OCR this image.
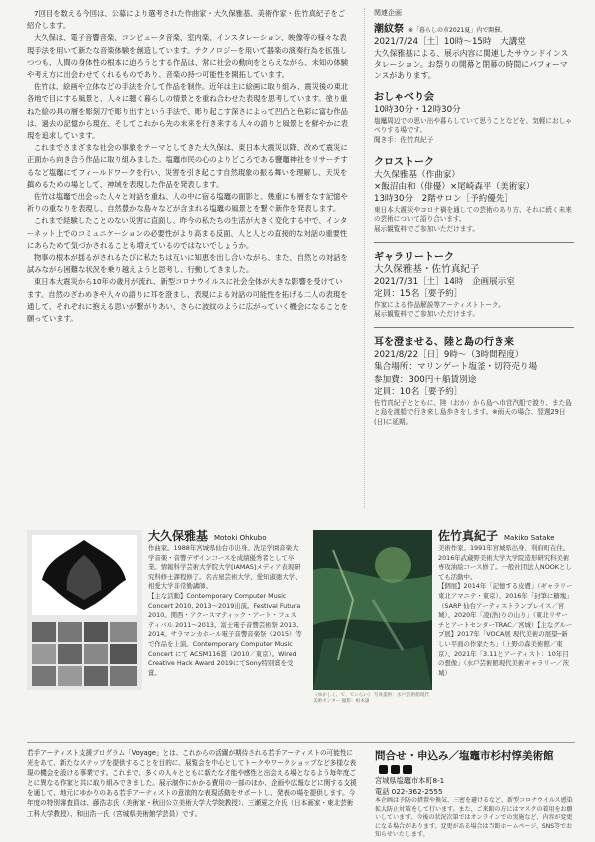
7回目を数える今回は、公募により選考された作曲家・大久保雅基、美術作家・佐竹真紀子をご紹介します。

大久保は、電子音響音楽、コンピュータ音楽、室内楽、インスタレーション、映像等の様々な表現手法を用いて新たな音楽体験を創造しています。テクノロジーを用いて器楽の演奏行為を拡張しつつも、人間の身体性の根本に迫ろうとする作品は、常に社会の動向をとらえながら、未知の体験や考え方に出会わせてくれるものであり、音楽の持つ可能性を開拓しています。

佐竹は、絵画や立体などの手法を介して作品を制作。近年は主に絵画に取り組み、震災後の東北各地で目にする風景と、人々に聴く暮らしの情景とを重ね合わせた表現を思考しています。塗り重ねた絵の具の層を彫刻刀で彫り出すという手法で、彫り起こす深さによって凹凸と色彩に富む作品は、過去の記憶から現在、そしてこれから先の未来を行き来する人々の語りと風景とを鮮やかに表現を追求しています。

これまでさまざまな社会の事象をテーマとしてきた大久保は、東日本大震災以降、改めて震災に正面から向き合う作品に取り組みました。塩竈市民の心のよりどころである鹽竈神社をリサーチするなど塩竈にてフィールドワークを行い、災害を引き起こす自然現象の振る舞いを理解し、天災を鎮めるための場として、神域を表現した作品を発表します。

佐竹は塩竈で出会った人々と対話を重ね、人の中に宿る塩竈の面影と、幾重にも層をなす記憶や祈りの重なりを表現し、自然豊かな島々などが含まれる塩竈の風景とを繋ぐ新作を発表します。

これまで経験したことのない災害に直面し、昨今の私たちの生活が大きく変化する中で、インターネット上でのコミュニケーションの必要性がより高まる反面、人と人との直接的な対話の重要性にあらためて気づかされることも増えているのではないでしょうか。

物事の根本が揺るがされるたびに私たちは互いに知恵を出し合いながら、また、自然との対話を試みながら困難な状況を乗り越えようと思考し、行動してきました。

東日本大震災から10年の歳月が流れ、新型コロナウイルスに社会全体が大きな影響を受けています。自然のざわめきや人々の語りに耳を澄まし、表現による対話の可能性を拓げる二人の表現を通して、それぞれに抱える思いが繋がりあい、さらに波紋のように広がっていく機会になることを願っています。

関連企画
潮紋祭 ※「暮らしの市2021夏」内で開催。
2021/7/24［土］10時～15時　大講堂
大久保雅基による、展示内容に関連したサウンドインスタレーション。お祭りの開幕と閉幕の時間にパフォーマンスがあります。
おしゃべり会
10時30分・12時30分
塩竈周辺での思い出や暮らしていて思うことなどを、気軽におしゃべりする場です。
聞き手：佐竹真紀子
クロストーク
大久保雅基（作曲家）
×飯沼由和（俳優）×尾崎森平（美術家）
13時30分　2階サロン［予約優先］
東日本大震災やコロナ禍を通しての芸術のあり方、それに続く未来の芸術について語り合います。
展示観覧料でご参加いただけます。
ギャラリートーク
大久保雅基・佐竹真紀子
2021/7/31［土］14時　企画展示室
定員：15名［要予約］
作家による作品解説等アーティストトーク。
展示観覧料でご参加いただけます。
耳を澄ませる、陸と島の行き来
2021/8/22［日］9時～（3時間程度）
集合場所：マリンゲート塩釜・切符売り場
参加費：300円＋船賃別途
定員：10名［要予約］
佐竹真紀子とともに、陸（おか）から島へ市営汽船で渡り、また島と島を渡船で行き来し島歩きをします。※雨天の場合、翌週29日(日)に延期。
大久保雅基 Motoki Ohkubo
作曲家。1988年宮城県仙台市出身。洗足学園音楽大学音楽・音響デザインコースを成績優秀者として卒業。情報科学芸術大学院大学[IAMAS]メディア表現研究科修士課程修了。名古屋芸術大学、愛知淑徳大学、相愛大学非常勤講師。
【主な活動】Contemporary Computer Music Concert 2010, 2013～2019出演。Festival Futura 2010。関西・アクースマティック・アート・フェスティバル 2011～2013。富士電子音響芸術祭 2013, 2014。サラマンカホール電子音響音楽祭（2015）等で作品を上演。Contemporary Computer Music Concert にて ACSM116賞（2010／東京）。Wired Creative Hack Award 2019にてSony特別賞を受賞。
《ゆかしく、て、てぃらい》 写真提供：水戸芸術館現代美術センター 撮影：根本譲
佐竹真紀子 Makiko Satake
美術作家。1991年宮城県出身、利府町在住。2016年武蔵野美術大学大学院造形研究科美術専攻油絵コース修了。一般社団法人NOOKとしても活動中。
【個展】2014年「記憶する皮膚」（ギャラリー東北アマニテ・東京）、2016年「封筆に糖塊」（SARP 仙台アーティストランプレイス／宮城）、2020年「凌(浩)りの山り」（東北リサーチとアートセンターTRAC／宮城）【主なグループ展】2017年「VOCA展 現代美術の展望─新しい平面の作家たち」（上野の森美術館／東京）、2021年「3.11とアーティスト：10年目の想像」（水戸芸術館現代美術ギャラリー／茨城）
若手アーティスト支援プログラム「Voyage」とは、これからの活躍が期待される若手アーティストの可能性に光をあて、新たなステップを提供することを目的に、展覧会を中心としてトークやワークショップなど多様な表現の機会を設ける事業です。これまで、多くの人々とともに新たな才能や感性と出会える場となるよう毎年度ごとに異なる作家と共に取り組みできました。展示制作にかかる費用の一部のほか、企画や広報などに関する支援を通して、地元にゆかりのある若手アーティストの意欲的な表現活動をサポートし、発表の場を提供します。今年度の特別審査員は、藤浩志氏（美術家・秋田公立美術大学大学院教授）、三瀬夏之介氏（日本画家・東北芸術工科大学教授）、和田浩一氏（宮城県美術館学芸員）です。
問合せ・申込み／塩竈市杉村惇美術館
宮城県塩竈市本町8-1
電話 022-362-2555
本企画は予防の措置や換気、三密を避けるなど、新型コロナウイルス感染拡大防止対策をして行います。また、ご来館の方にはマスクの着用をお願いしています。今後の状況次第ではオンラインでの実施など、内容が変更になる場合があります。変更がある場合は当館ホームページ、SNS等でお知らせいたします。
